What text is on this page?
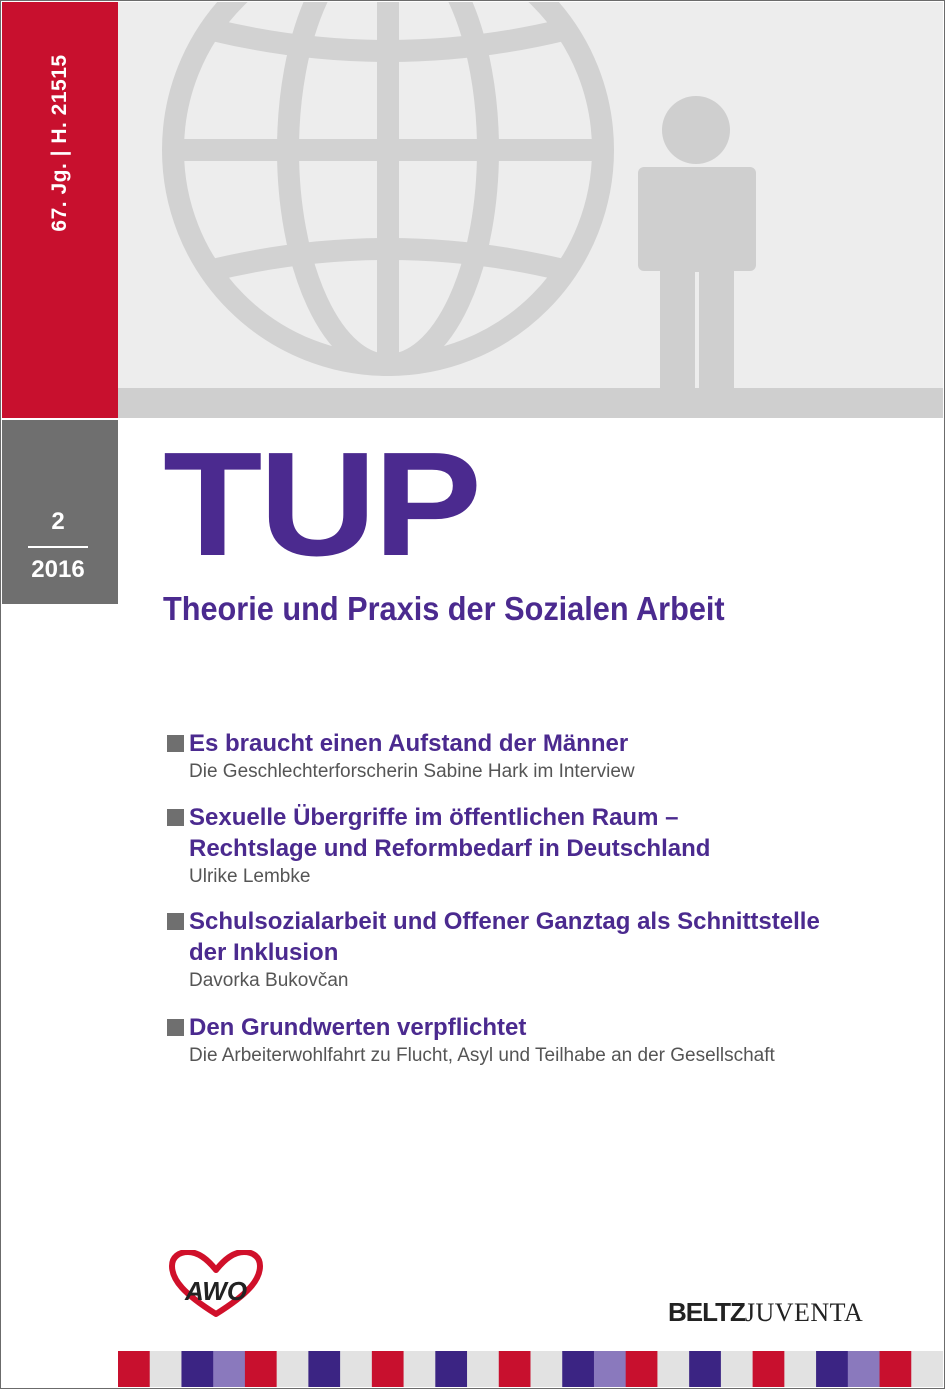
67. Jg. | H. 21515
2
2016 TUP
Theorie und Praxis der Sozialen Arbeit
Es braucht einen Aufstand der Männer
Die Geschlechterforscherin Sabine Hark im Interview
Sexuelle Übergriffe im öffentlichen Raum –
Rechtslage und Reformbedarf in Deutschland
Ulrike Lembke
Schulsozialarbeit und Offener Ganztag als Schnittstelle
der Inklusion
Davorka Bukovčan
Den Grundwerten verpflichtet
Die Arbeiterwohlfahrt zu Flucht, Asyl und Teilhabe an der Gesellschaft
AWO
BELTZJUVENTA
